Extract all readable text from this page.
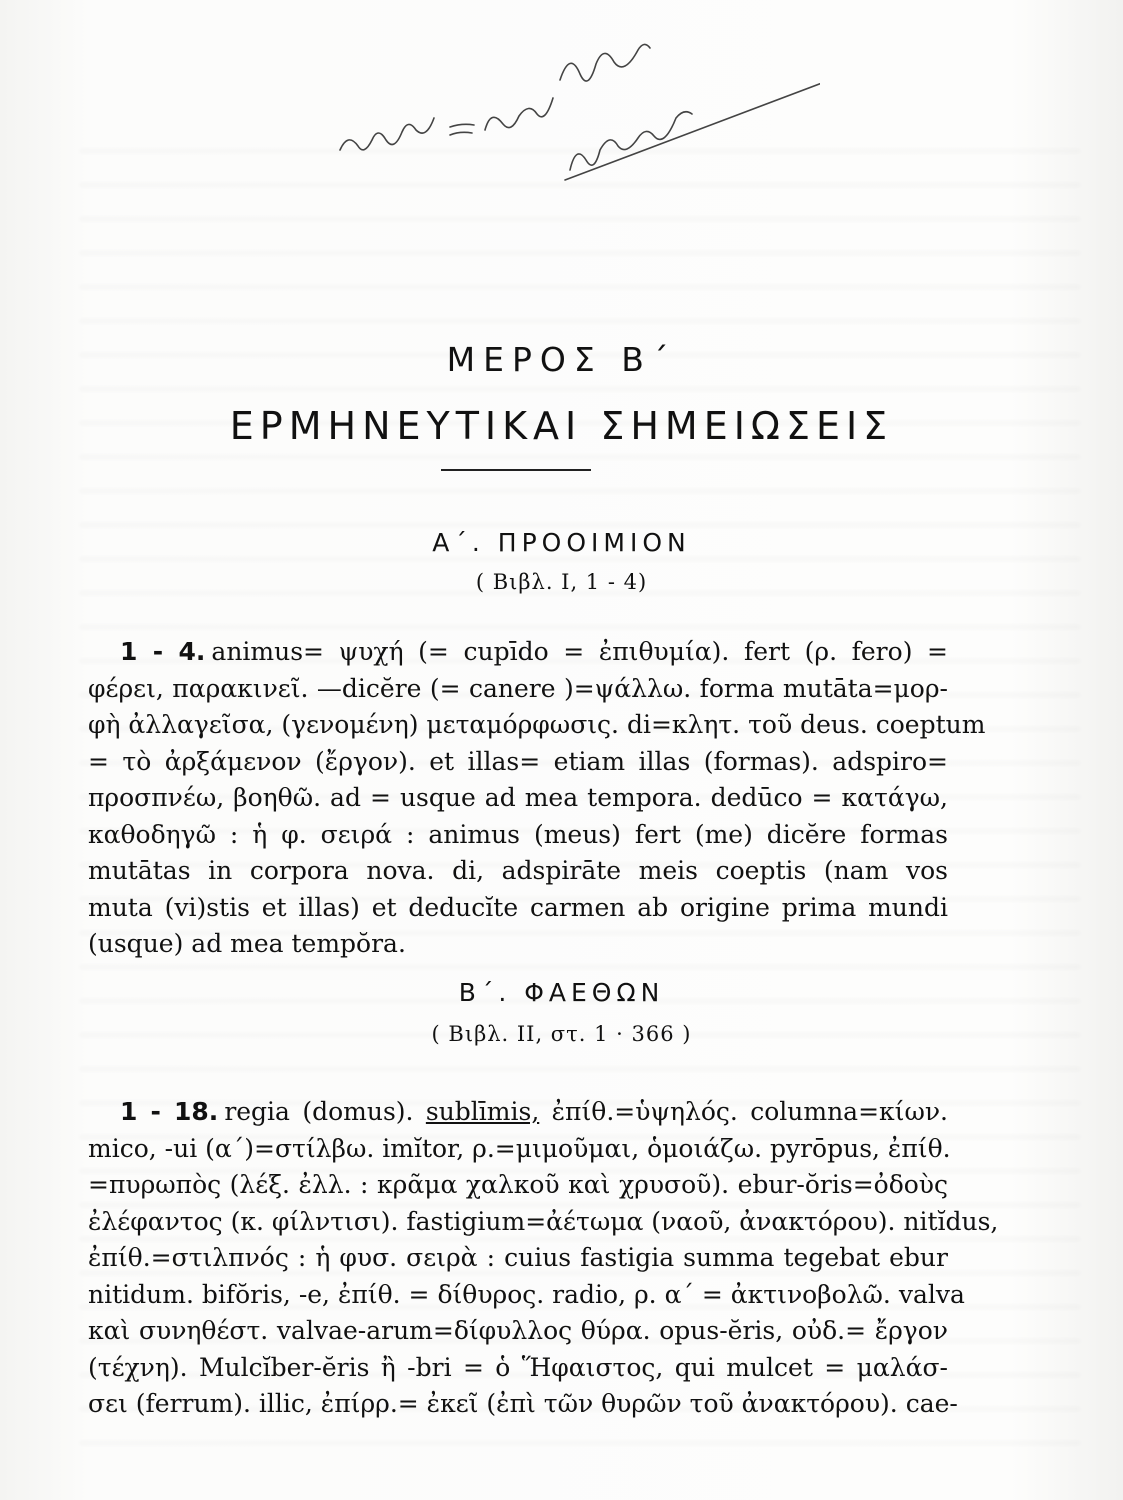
ΜΕΡΟΣ Β΄
ΕΡΜΗΝΕΥΤΙΚΑΙ ΣΗΜΕΙΩΣΕΙΣ
Α΄. ΠΡΟΟΙΜΙΟΝ
( Βιβλ. I, 1 - 4)
1 - 4. animus= ψυχή (= cupīdo = ἐπιθυμία). fert (ρ. fero) =
φέρει, παρακινεῖ. —dicĕre (= canere )=ψάλλω. forma mutāta=μορ-
φὴ ἀλλαγεῖσα, (γενομένη) μεταμόρφωσις. di=κλητ. τοῦ deus. coeptum
= τὸ ἀρξάμενον (ἔργον). et illas= etiam illas (formas). adspiro=
προσπνέω, βοηθῶ. ad = usque ad mea tempora. dedūco = κατάγω,
καθοδηγῶ : ἡ φ. σειρά : animus (meus) fert (me) dicĕre formas
mutātas in corpora nova. di, adspirāte meis coeptis (nam vos
muta (vi)stis et illas) et deducĭte carmen ab origine prima mundi
(usque) ad mea tempŏra.
Β΄. ΦΑΕΘΩΝ
( Βιβλ. II, στ. 1 · 366 )
1 - 18. regia (domus). sublīmis, ἐπίθ.=ὑψηλός. columna=κίων.
mico, -ui (α΄)=στίλβω. imĭtor, ρ.=μιμοῦμαι, ὁμοιάζω. pyrōpus, ἐπίθ.
=πυρωπὸς (λέξ. ἐλλ. : κρᾶμα χαλκοῦ καὶ χρυσοῦ). ebur-ŏris=ὀδοὺς
ἐλέφαντος (κ. φίλντισι). fastigium=ἀέτωμα (ναοῦ, ἀνακτόρου). nitĭdus,
ἐπίθ.=στιλπνός : ἡ φυσ. σειρὰ : cuius fastigia summa tegebat ebur
nitidum. bifŏris, -e, ἐπίθ. = δίθυρος. radio, ρ. α΄ = ἀκτινοβολῶ. valva
καὶ συνηθέστ. valvae-arum=δίφυλλος θύρα. opus-ĕris, οὐδ.= ἔργον
(τέχνη). Mulcĭber-ĕris ἢ -bri = ὁ Ἥφαιστος, qui mulcet = μαλάσ-
σει (ferrum). illic, ἐπίρρ.= ἐκεῖ (ἐπὶ τῶν θυρῶν τοῦ ἀνακτόρου). cae-
